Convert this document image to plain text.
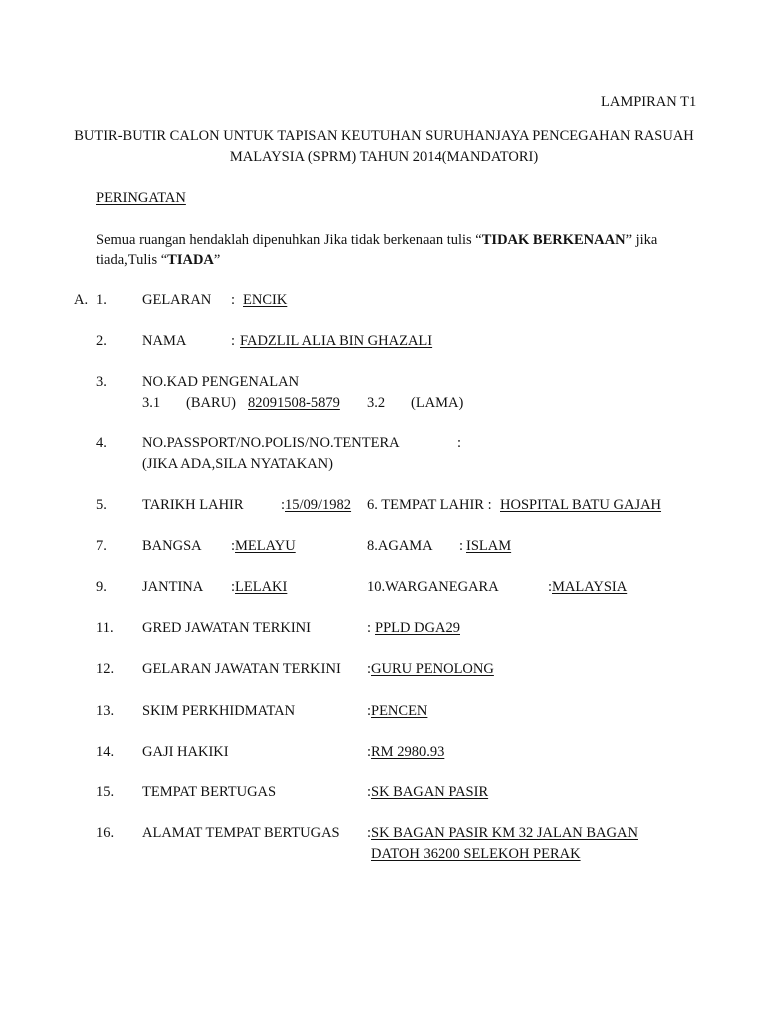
LAMPIRAN T1
BUTIR-BUTIR CALON UNTUK TAPISAN KEUTUHAN SURUHANJAYA PENCEGAHAN RASUAH
MALAYSIA (SPRM) TAHUN 2014(MANDATORI)
PERINGATAN
Semua ruangan hendaklah dipenuhkan Jika tidak berkenaan tulis “TIDAK BERKENAAN” jika
tiada,Tulis “TIADA”
A. 1. GELARAN : ENCIK
2. NAMA	: FADZLIL ALIA BIN GHAZALI
3. NO.KAD PENGENALAN
3.1 (BARU) 82091508-5879 3.2 (LAMA)
4. NO.PASSPORT/NO.POLIS/NO.TENTERA	:
(JIKA ADA,SILA NYATAKAN)
5. TARIKH LAHIR	: 15/09/1982 6. TEMPAT LAHIR : HOSPITAL BATU GAJAH
7. BANGSA : MELAYU	8.AGAMA : ISLAM
9. JANTINA : LELAKI	10.WARGANEGARA	: MALAYSIA
11. GRED JAWATAN TERKINI	: PPLD DGA29
12. GELARAN JAWATAN TERKINI : GURU PENOLONG
13. SKIM PERKHIDMATAN	: PENCEN
14. GAJI HAKIKI	: RM 2980.93
15. TEMPAT BERTUGAS	: SK BAGAN PASIR
16. ALAMAT TEMPAT BERTUGAS : SK BAGAN PASIR KM 32 JALAN BAGAN
DATOH 36200 SELEKOH PERAK
